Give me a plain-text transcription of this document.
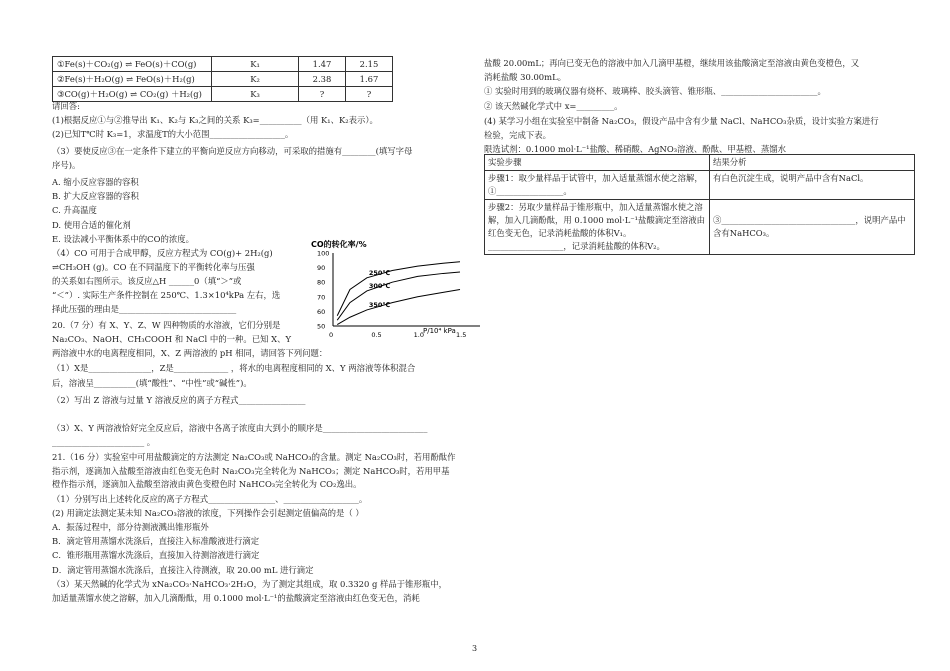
①Fe(s)＋CO₂(g) ⇌ FeO(s)＋CO(g)	K₁	1.47	2.15
②Fe(s)＋H₂O(g) ⇌ FeO(s)＋H₂(g)	K₂	2.38	1.67
③CO(g)＋H₂O(g) ⇌ CO₂(g) ＋H₂(g)	K₃	?	?
请回答:
(1)根据反应①与②推导出 K₁、K₂与 K₃之间的关系 K₃=__________（用 K₁、K₂表示）。
(2)已知T℃时 K₃=1，求温度T的大小范围__________________。
（3）要使反应③在一定条件下建立的平衡向逆反应方向移动，可采取的措施有________(填写字母
序号)。
A. 缩小反应容器的容积
B. 扩大反应容器的容积
C. 升高温度
D. 使用合适的催化剂
E. 设法减小平衡体系中的CO的浓度。
（4）CO 可用于合成甲醇，反应方程式为 CO(g)+ 2H₂(g)
⇌CH₃OH (g)。CO 在不同温度下的平衡转化率与压强
的关系如右图所示。该反应△H ______0（填“＞”或
“＜”）. 实际生产条件控制在 250℃、1.3×10⁴kPa 左右，选
择此压强的理由是____________________________
20.（7 分）有 X、Y、Z、W 四种物质的水溶液，它们分别是
Na₂CO₃、NaOH、CH₃COOH 和 NaCl 中的一种。已知 X、Y
两溶液中水的电离程度相同，X、Z 两溶液的 pH 相同，请回答下列问题：
（1）X是_______________，Z是_____________ ，将水的电离程度相同的 X、Y 两溶液等体积混合
后，溶液呈__________(填“酸性”、“中性”或“碱性”)。
（2）写出 Z 溶液与过量 Y 溶液反应的离子方程式________________
（3）X、Y 两溶液恰好完全反应后，溶液中各离子浓度由大到小的顺序是_________________________
______________________ 。
21.（16 分）实验室中可用盐酸滴定的方法测定 Na₂CO₃或 NaHCO₃的含量。测定 Na₂CO₃时，若用酚酞作
指示剂，逐滴加入盐酸至溶液由红色变无色时 Na₂CO₃完全转化为 NaHCO₃；测定 NaHCO₃时，若用甲基
橙作指示剂，逐滴加入盐酸至溶液由黄色变橙色时 NaHCO₃完全转化为 CO₂逸出。
（1）分别写出上述转化反应的离子方程式________________、__________________。
(2) 用滴定法测定某未知 Na₂CO₃溶液的浓度，下列操作会引起测定值偏高的是（ ）
A．振荡过程中，部分待测液溅出锥形瓶外
B．滴定管用蒸馏水洗涤后，直接注入标准酸液进行滴定
C．锥形瓶用蒸馏水洗涤后，直接加入待测溶液进行滴定
D．滴定管用蒸馏水洗涤后，直接注入待测液，取 20.00 mL 进行滴定
（3）某天然碱的化学式为 xNa₂CO₃·NaHCO₃·2H₂O，为了测定其组成，取 0.3320 g 样品于锥形瓶中，
加适量蒸馏水使之溶解，加入几滴酚酞，用 0.1000 mol·L⁻¹的盐酸滴定至溶液由红色变无色，消耗
盐酸 20.00mL；再向已变无色的溶液中加入几滴甲基橙，继续用该盐酸滴定至溶液由黄色变橙色，又
消耗盐酸 30.00mL。
① 实验时用到的玻璃仪器有烧杯、玻璃棒、胶头滴管、锥形瓶、_______________________。
② 该天然碱化学式中 x=_________。
(4) 某学习小组在实验室中制备 Na₂CO₃，假设产品中含有少量 NaCl、NaHCO₃杂质，设计实验方案进行
检验，完成下表。
限选试剂：0.1000 mol·L⁻¹盐酸、稀硝酸、AgNO₃溶液、酚酞、甲基橙、蒸馏水
实验步骤	结果分析
步骤1：取少量样品于试管中，加入适量蒸馏水使之溶解，①________________。	有白色沉淀生成，说明产品中含有NaCl。
步骤2：另取少量样品于锥形瓶中，加入适量蒸馏水使之溶解，加入几滴酚酞，用 0.1000 mol·L⁻¹盐酸滴定至溶液由红色变无色，记录消耗盐酸的体积V₁。__________________，记录消耗盐酸的体积V₂。	③________________________________，说明产品中含有NaHCO₃。
CO的转化率/%
50
60
70
80
90
100
0	0.5	1.0	1.5
250℃
300℃
350℃
P/10⁴ kPa
3
